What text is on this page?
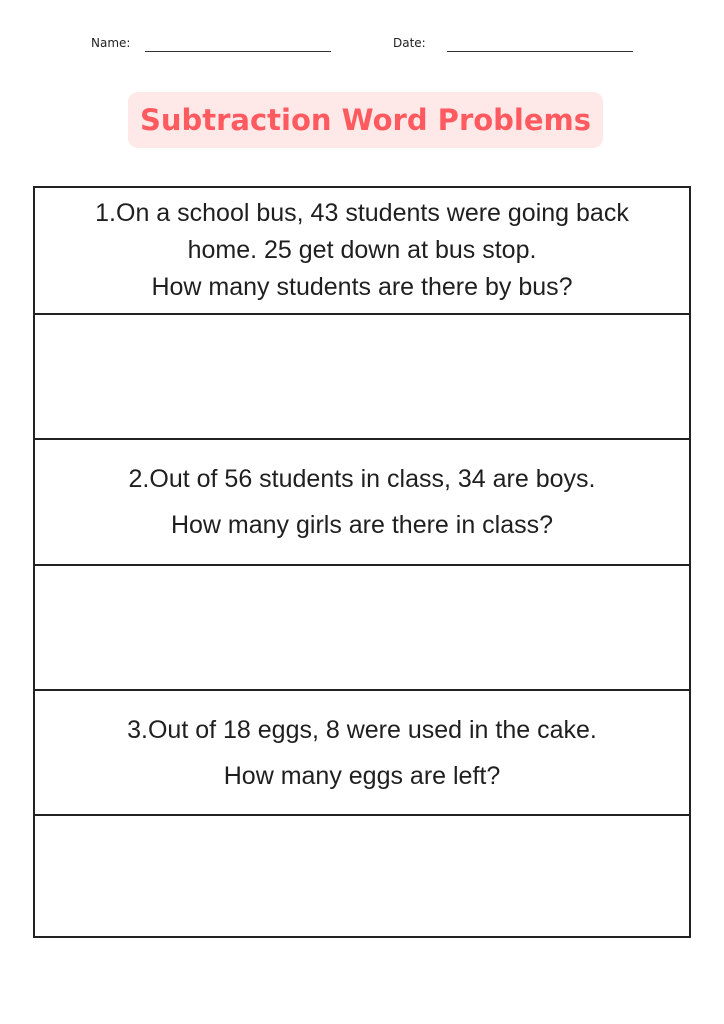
Name:	Date:
Subtraction Word Problems
1.On a school bus, 43 students were going back
home. 25 get down at bus stop.
How many students are there by bus?
2.Out of 56 students in class, 34 are boys.
How many girls are there in class?
3.Out of 18 eggs, 8 were used in the cake.
How many eggs are left?
